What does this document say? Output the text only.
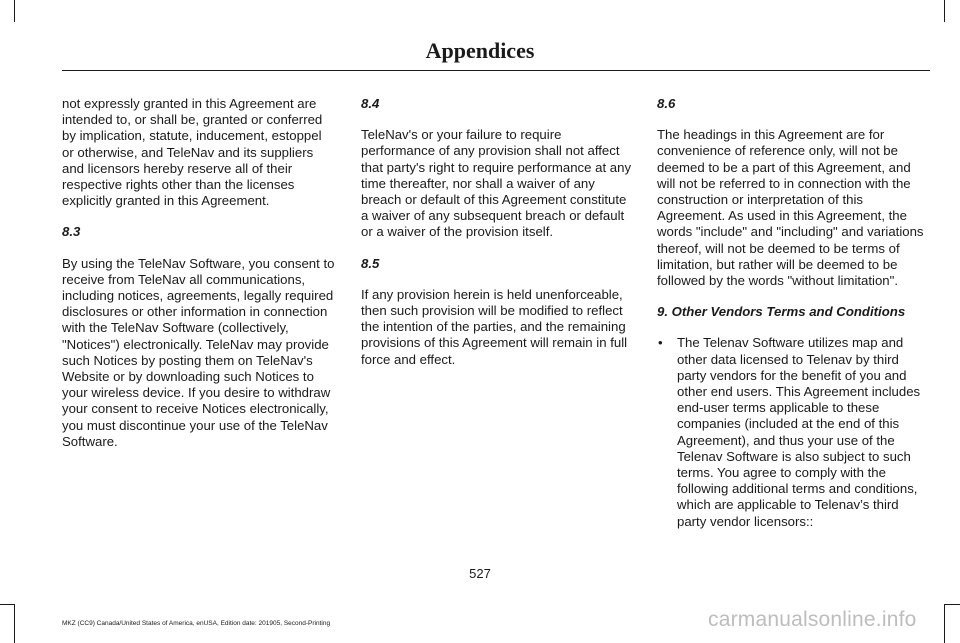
Appendices

not expressly granted in this Agreement are intended to, or shall be, granted or conferred by implication, statute, inducement, estoppel or otherwise, and TeleNav and its suppliers and licensors hereby reserve all of their respective rights other than the licenses explicitly granted in this Agreement.

8.3

By using the TeleNav Software, you consent to receive from TeleNav all communications, including notices, agreements, legally required disclosures or other information in connection with the TeleNav Software (collectively, "Notices") electronically. TeleNav may provide such Notices by posting them on TeleNav's Website or by downloading such Notices to your wireless device. If you desire to withdraw your consent to receive Notices electronically, you must discontinue your use of the TeleNav Software.

8.4

TeleNav's or your failure to require performance of any provision shall not affect that party's right to require performance at any time thereafter, nor shall a waiver of any breach or default of this Agreement constitute a waiver of any subsequent breach or default or a waiver of the provision itself.

8.5

If any provision herein is held unenforceable, then such provision will be modified to reflect the intention of the parties, and the remaining provisions of this Agreement will remain in full force and effect.

8.6

The headings in this Agreement are for convenience of reference only, will not be deemed to be a part of this Agreement, and will not be referred to in connection with the construction or interpretation of this Agreement. As used in this Agreement, the words "include" and "including" and variations thereof, will not be deemed to be terms of limitation, but rather will be deemed to be followed by the words "without limitation".

9. Other Vendors Terms and Conditions

• The Telenav Software utilizes map and other data licensed to Telenav by third party vendors for the benefit of you and other end users. This Agreement includes end-user terms applicable to these companies (included at the end of this Agreement), and thus your use of the Telenav Software is also subject to such terms. You agree to comply with the following additional terms and conditions, which are applicable to Telenav’s third party vendor licensors::
527
MKZ (CC9) Canada/United States of America, enUSA, Edition date: 201905, Second-Printing	carmanualsonline.info
